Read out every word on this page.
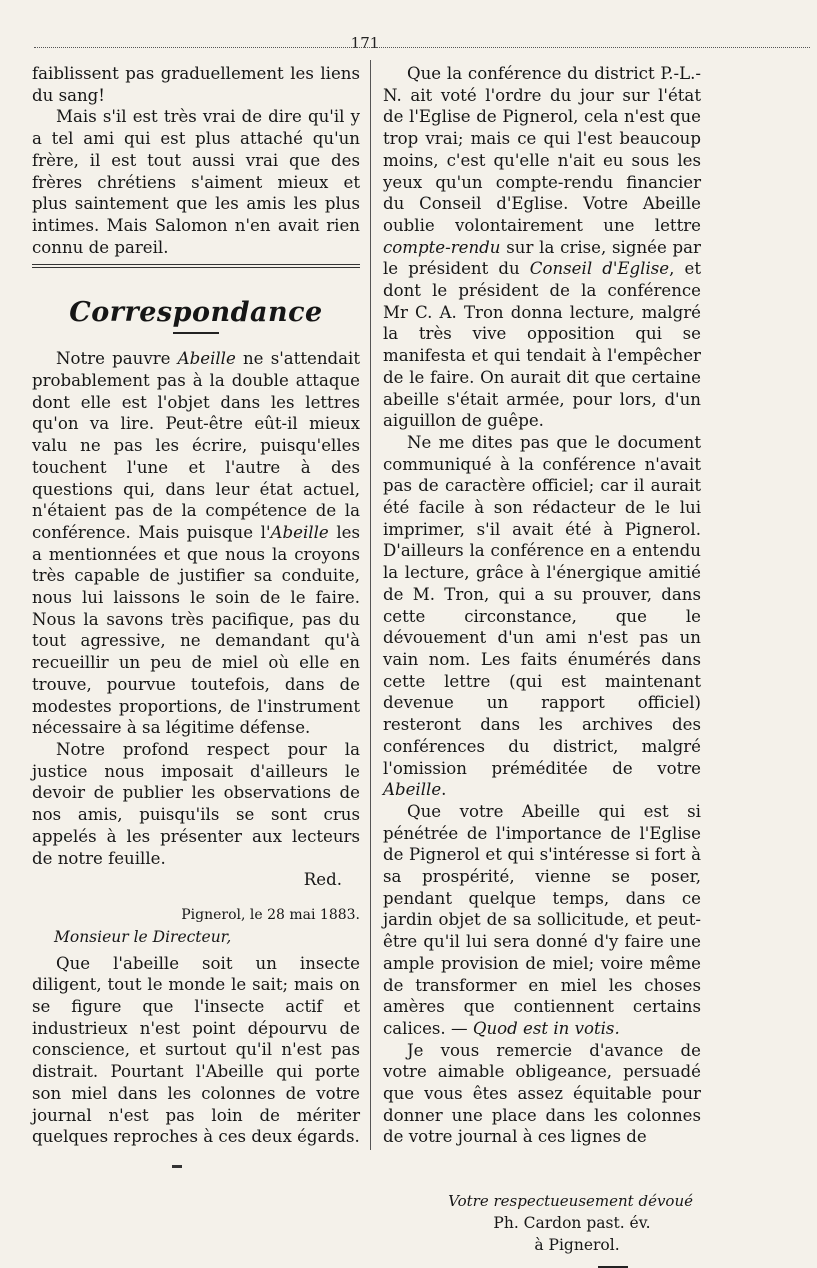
171

faiblissent pas graduellement les liens du sang!

Mais s'il est très vrai de dire qu'il y a tel ami qui est plus attaché qu'un frère, il est tout aussi vrai que des frères chrétiens s'aiment mieux et plus saintement que les amis les plus intimes. Mais Salomon n'en avait rien connu de pareil.

Correspondance

Notre pauvre Abeille ne s'attendait probablement pas à la double attaque dont elle est l'objet dans les lettres qu'on va lire. Peut-être eût-il mieux valu ne pas les écrire, puisqu'elles touchent l'une et l'autre à des questions qui, dans leur état actuel, n'étaient pas de la compétence de la conférence. Mais puisque l'Abeille les a mentionnées et que nous la croyons très capable de justifier sa conduite, nous lui laissons le soin de le faire. Nous la savons très pacifique, pas du tout agressive, ne demandant qu'à recueillir un peu de miel où elle en trouve, pourvue toutefois, dans de modestes proportions, de l'instrument nécessaire à sa légitime défense.

Notre profond respect pour la justice nous imposait d'ailleurs le devoir de publier les observations de nos amis, puisqu'ils se sont crus appelés à les présenter aux lecteurs de notre feuille.

Red.

Pignerol, le 28 mai 1883.

Monsieur le Directeur,

Que l'abeille soit un insecte diligent, tout le monde le sait; mais on se figure que l'insecte actif et industrieux n'est point dépourvu de conscience, et surtout qu'il n'est pas distrait. Pourtant l'Abeille qui porte son miel dans les colonnes de votre journal n'est pas loin de mériter quelques reproches à ces deux égards.

Que la conférence du district P.-L.-N. ait voté l'ordre du jour sur l'état de l'Eglise de Pignerol, cela n'est que trop vrai; mais ce qui l'est beaucoup moins, c'est qu'elle n'ait eu sous les yeux qu'un compte-rendu financier du Conseil d'Eglise. Votre Abeille oublie volontairement une lettre compte-rendu sur la crise, signée par le président du Conseil d'Eglise, et dont le président de la conférence Mr C. A. Tron donna lecture, malgré la très vive opposition qui se manifesta et qui tendait à l'empêcher de le faire. On aurait dit que certaine abeille s'était armée, pour lors, d'un aiguillon de guêpe.

Ne me dites pas que le document communiqué à la conférence n'avait pas de caractère officiel; car il aurait été facile à son rédacteur de le lui imprimer, s'il avait été à Pignerol. D'ailleurs la conférence en a entendu la lecture, grâce à l'énergique amitié de M. Tron, qui a su prouver, dans cette circonstance, que le dévouement d'un ami n'est pas un vain nom. Les faits énumérés dans cette lettre (qui est maintenant devenue un rapport officiel) resteront dans les archives des conférences du district, malgré l'omission préméditée de votre Abeille.

Que votre Abeille qui est si pénétrée de l'importance de l'Eglise de Pignerol et qui s'intéresse si fort à sa prospérité, vienne se poser, pendant quelque temps, dans ce jardin objet de sa sollicitude, et peut-être qu'il lui sera donné d'y faire une ample provision de miel; voire même de transformer en miel les choses amères que contiennent certains calices. — Quod est in votis.

Je vous remercie d'avance de votre aimable obligeance, persuadé que vous êtes assez équitable pour donner une place dans les colonnes de votre journal à ces lignes de

Votre respectueusement dévoué

Ph. Cardon past. év.

à Pignerol.
